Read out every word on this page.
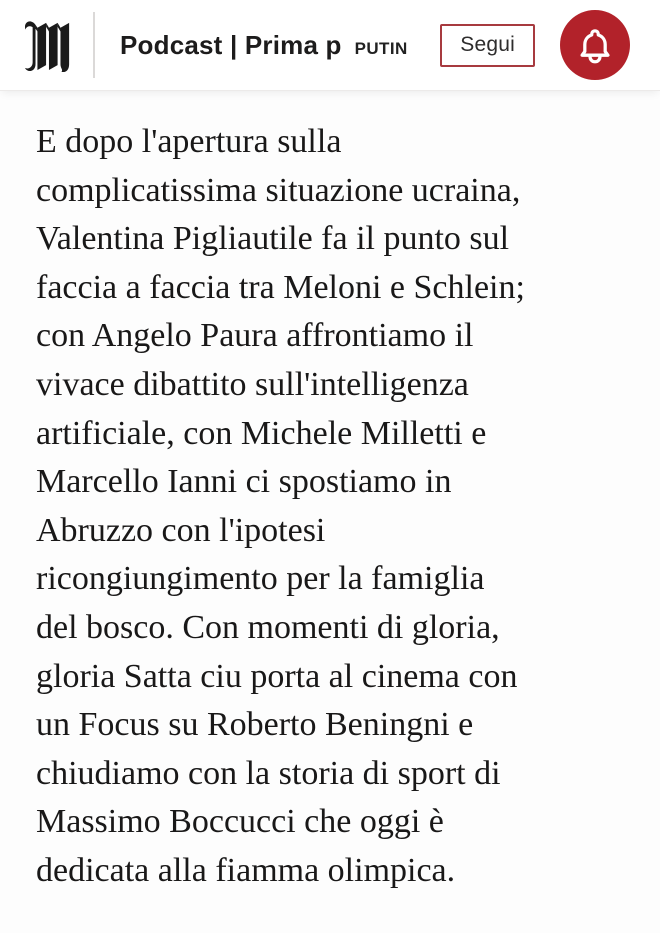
Podcast | Prima p PUTIN	Segui
E dopo l'apertura sulla
complicatissima situazione ucraina,
Valentina Pigliautile fa il punto sul
faccia a faccia tra Meloni e Schlein;
con Angelo Paura affrontiamo il
vivace dibattito sull'intelligenza
artificiale, con Michele Milletti e
Marcello Ianni ci spostiamo in
Abruzzo con l'ipotesi
ricongiungimento per la famiglia
del bosco. Con momenti di gloria,
gloria Satta ciu porta al cinema con
un Focus su Roberto Beningni e
chiudiamo con la storia di sport di
Massimo Boccucci che oggi è
dedicata alla fiamma olimpica.
